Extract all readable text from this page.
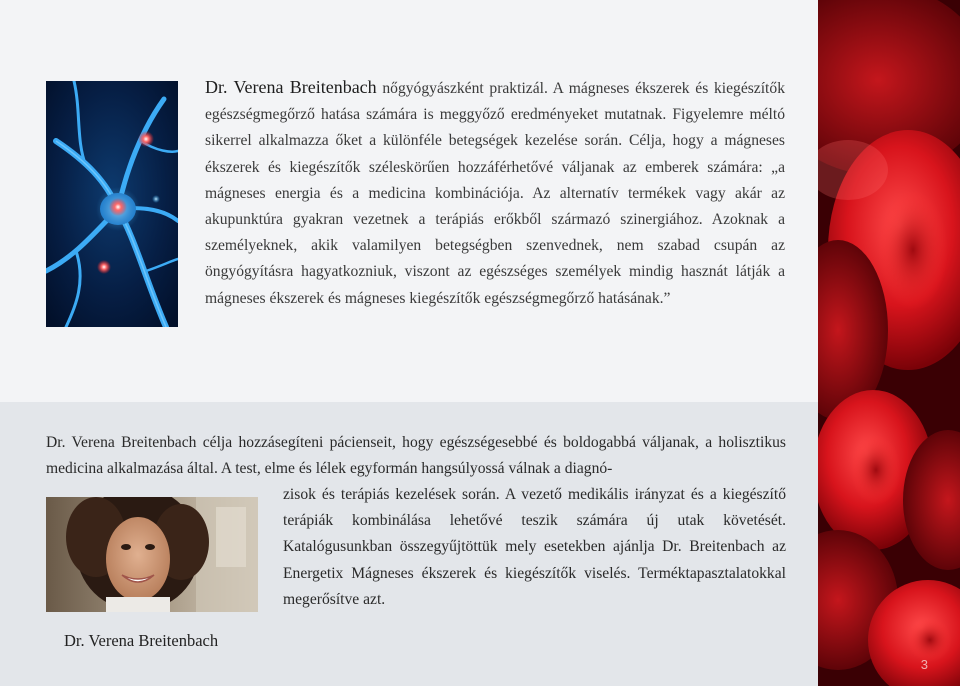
Dr. Verena Breitenbach nőgyógyászként praktizál. A mágneses ékszerek és kiegészítők egészségmegőrző hatása számára is meggyőző eredményeket mutatnak. Figyelemre méltó sikerrel alkalmazza őket a különféle betegségek kezelése során. Célja, hogy a mágneses ékszerek és kiegészítők széleskörűen hozzáférhetővé váljanak az emberek számára: „a mágneses energia és a medicina kombinációja. Az alternatív termékek vagy akár az akupunktúra gyakran vezetnek a terápiás erőkből származó szinergiához. Azoknak a személyeknek, akik valamilyen betegségben szenvednek, nem szabad csupán az öngyógyításra hagyatkozniuk, viszont az egészséges személyek mindig hasznát látják a mágneses ékszerek és mágneses kiegészítők egészségmegőrző hatásának.”

Dr. Verena Breitenbach célja hozzásegíteni pácienseit, hogy egészségesebbé és boldogabbá váljanak, a holisztikus medicina alkalmazása által. A test, elme és lélek egyformán hangsúlyossá válnak a diagnó-

zisok és terápiás kezelések során. A vezető medikális irányzat és a kiegészítő terápiák kombinálása lehetővé teszik számára új utak követését. Katalógusunkban összegyűjtöttük mely esetekben ajánlja Dr. Breitenbach az Energetix Mágneses ékszerek és kiegészítők viselés. Terméktapasztalatokkal megerősítve azt.

Dr. Verena Breitenbach
3
